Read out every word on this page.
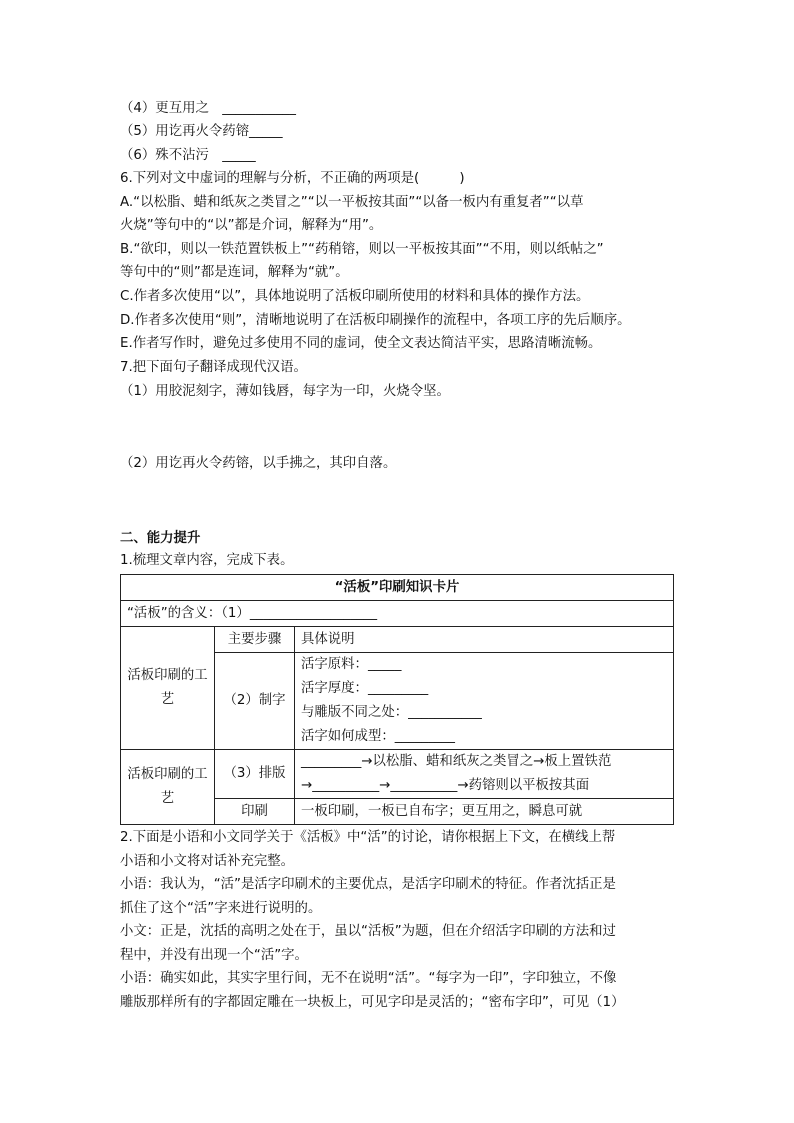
（4）更互用之　___________
（5）用讫再火令药镕_____
（6）殊不沾污　_____
6.下列对文中虚词的理解与分析，不正确的两项是(　　　)
A.“以松脂、蜡和纸灰之类冒之”“以一平板按其面”“以备一板内有重复者”“以草
火烧”等句中的“以”都是介词，解释为“用”。
B.“欲印，则以一铁范置铁板上”“药稍镕，则以一平板按其面”“不用，则以纸帖之”
等句中的“则”都是连词，解释为“就”。
C.作者多次使用“以”，具体地说明了活板印刷所使用的材料和具体的操作方法。
D.作者多次使用“则”，清晰地说明了在活板印刷操作的流程中，各项工序的先后顺序。
E.作者写作时，避免过多使用不同的虚词，使全文表达简洁平实，思路清晰流畅。
7.把下面句子翻译成现代汉语。
（1）用胶泥刻字，薄如钱唇，每字为一印，火烧令坚。
（2）用讫再火令药镕，以手拂之，其印自落。
二、能力提升
1.梳理文章内容，完成下表。
“活板”印刷知识卡片		
“活板”的含义：（1）___________________		
活板印刷的工艺	主要步骤	具体说明
	（2）制字	活字原料：_____
活字厚度：_________
与雕版不同之处：___________
活字如何成型：_________

活板印刷的工艺	（3）排版	_________→以松脂、蜡和纸灰之类冒之→板上置铁范
→__________→__________→药镕则以平板按其面

	印刷	一板印刷，一板已自布字；更互用之，瞬息可就
2.下面是小语和小文同学关于《活板》中“活”的讨论，请你根据上下文，在横线上帮
小语和小文将对话补充完整。
小语：我认为，“活”是活字印刷术的主要优点，是活字印刷术的特征。作者沈括正是
抓住了这个“活”字来进行说明的。
小文：正是，沈括的高明之处在于，虽以“活板”为题，但在介绍活字印刷的方法和过
程中，并没有出现一个“活”字。
小语：确实如此，其实字里行间，无不在说明“活”。“每字为一印”，字印独立，不像
雕版那样所有的字都固定雕在一块板上，可见字印是灵活的；“密布字印”，可见（1）
